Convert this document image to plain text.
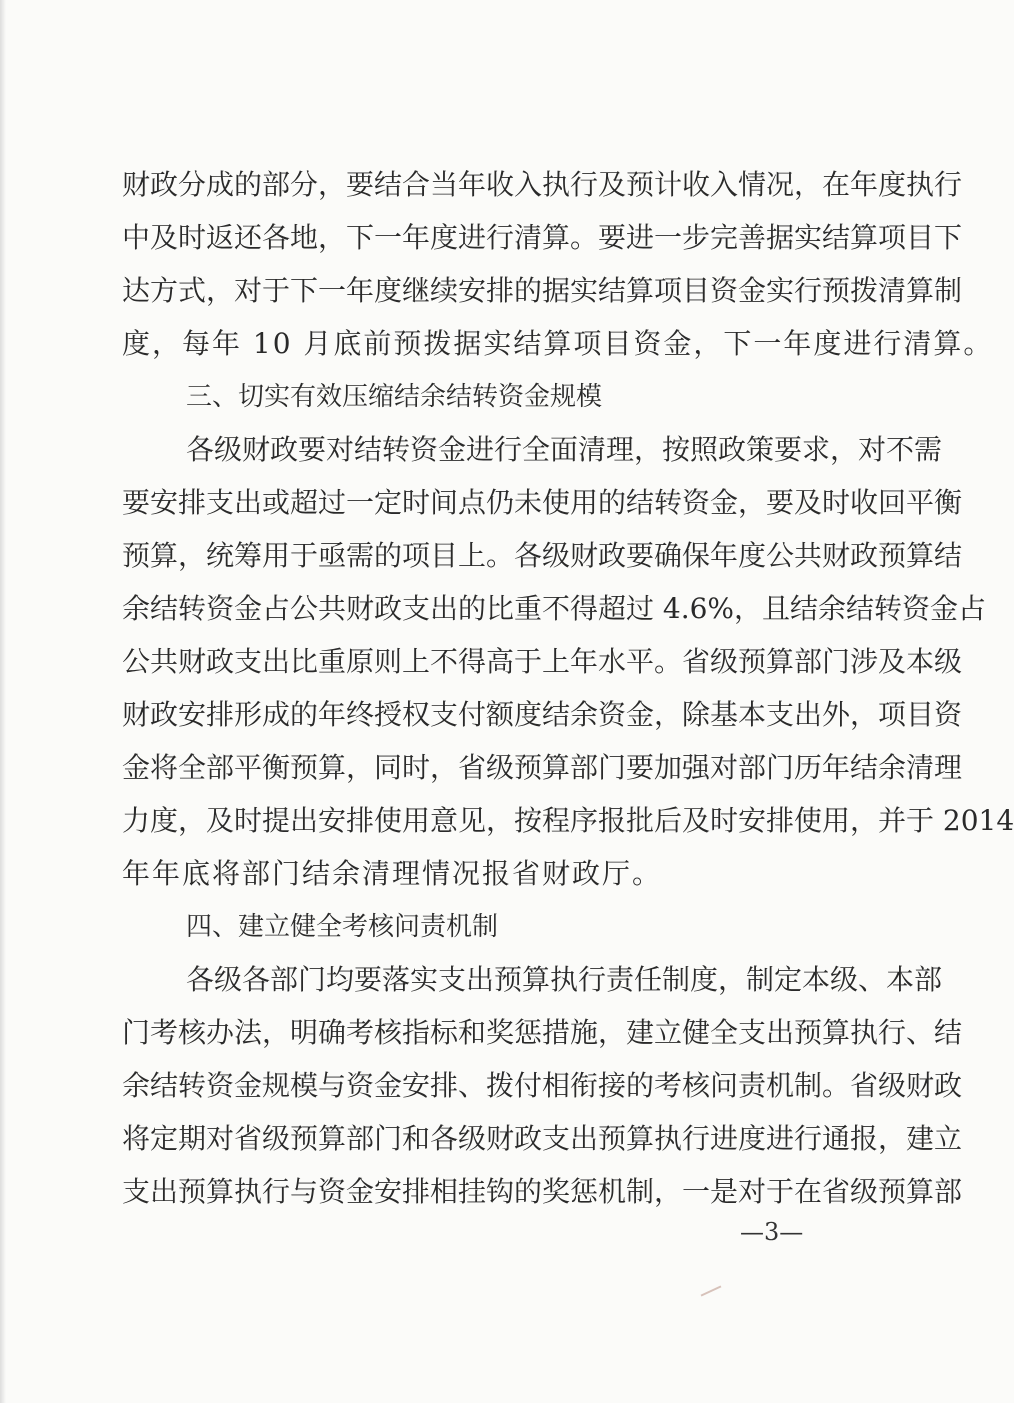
财政分成的部分，要结合当年收入执行及预计收入情况，在年度执行
中及时返还各地，下一年度进行清算。要进一步完善据实结算项目下
达方式，对于下一年度继续安排的据实结算项目资金实行预拨清算制
度，每年 10 月底前预拨据实结算项目资金，下一年度进行清算。
三、切实有效压缩结余结转资金规模
各级财政要对结转资金进行全面清理，按照政策要求，对不需
要安排支出或超过一定时间点仍未使用的结转资金，要及时收回平衡
预算，统筹用于亟需的项目上。各级财政要确保年度公共财政预算结
余结转资金占公共财政支出的比重不得超过 4.6%，且结余结转资金占
公共财政支出比重原则上不得高于上年水平。省级预算部门涉及本级
财政安排形成的年终授权支付额度结余资金，除基本支出外，项目资
金将全部平衡预算，同时，省级预算部门要加强对部门历年结余清理
力度，及时提出安排使用意见，按程序报批后及时安排使用，并于 2014
年年底将部门结余清理情况报省财政厅。
四、建立健全考核问责机制
各级各部门均要落实支出预算执行责任制度，制定本级、本部
门考核办法，明确考核指标和奖惩措施，建立健全支出预算执行、结
余结转资金规模与资金安排、拨付相衔接的考核问责机制。省级财政
将定期对省级预算部门和各级财政支出预算执行进度进行通报，建立
支出预算执行与资金安排相挂钩的奖惩机制，一是对于在省级预算部
—3—
